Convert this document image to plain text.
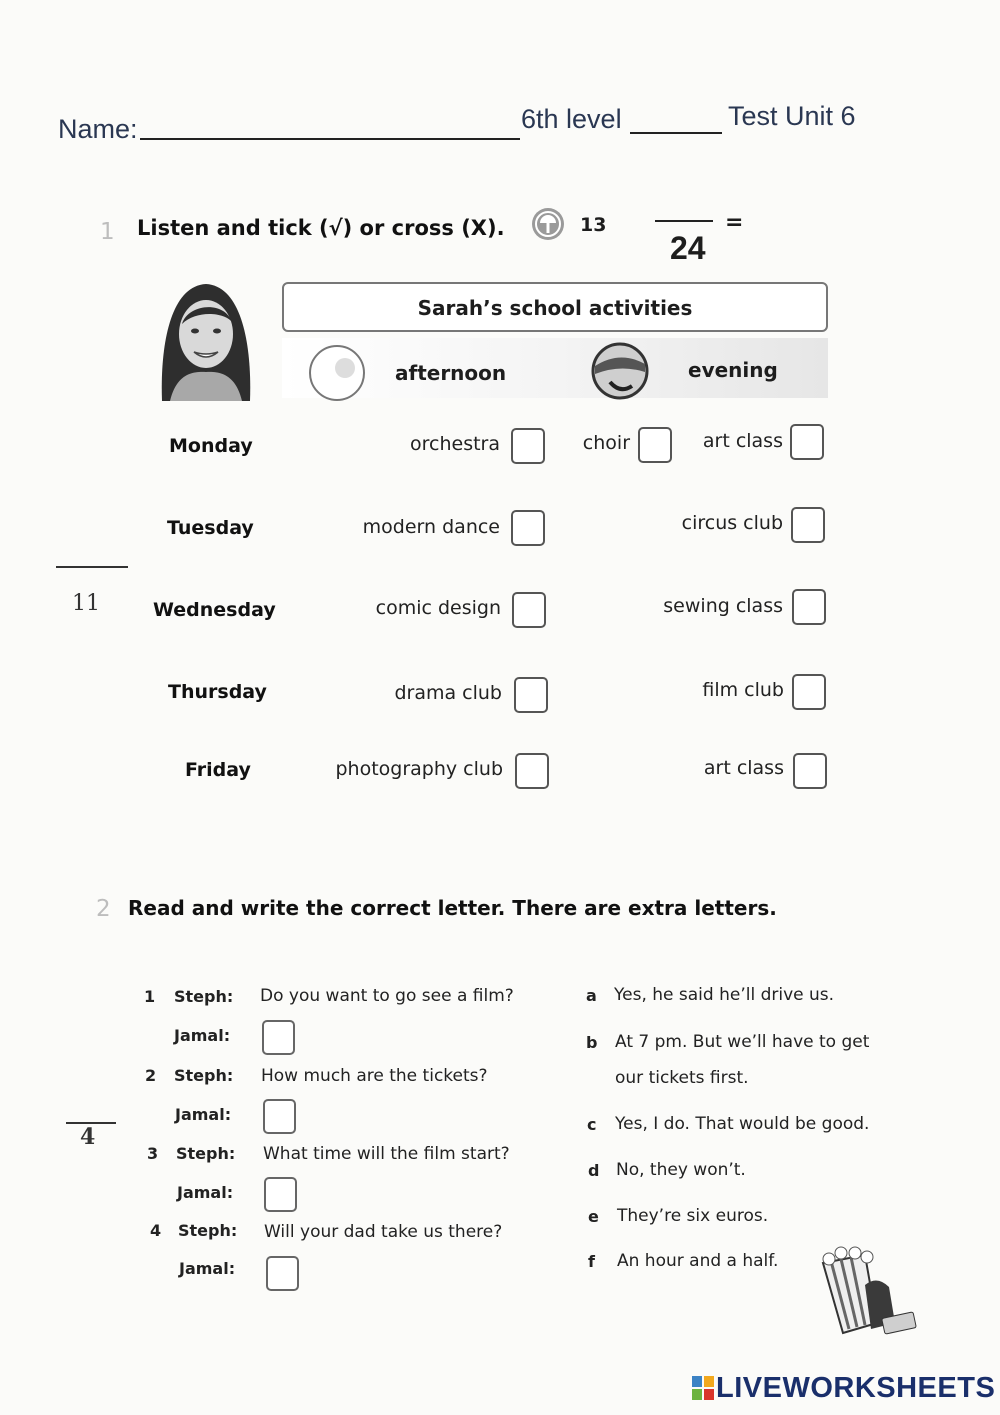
Name:	6th level	Test Unit 6
1 Listen and tick (√) or cross (X).	13
24
=
Sarah’s school activities
afternoon	evening
11
Monday	orchestra	choir	art class
Tuesday	modern dance	circus club
Wednesday	comic design	sewing class
Thursday	drama club	film club
Friday	photography club	art class
2 Read and write the correct letter. There are extra letters.
4
1 Steph: Do you want to go see a film?
Jamal:
2 Steph: How much are the tickets?
Jamal:
3 Steph: What time will the film start?
Jamal:
4 Steph: Will your dad take us there?
Jamal:
a Yes, he said he’ll drive us.
b At 7 pm. But we’ll have to get
our tickets first.
c Yes, I do. That would be good.
d No, they won’t.
e They’re six euros.
f An hour and a half.
LIVEWORKSHEETS
